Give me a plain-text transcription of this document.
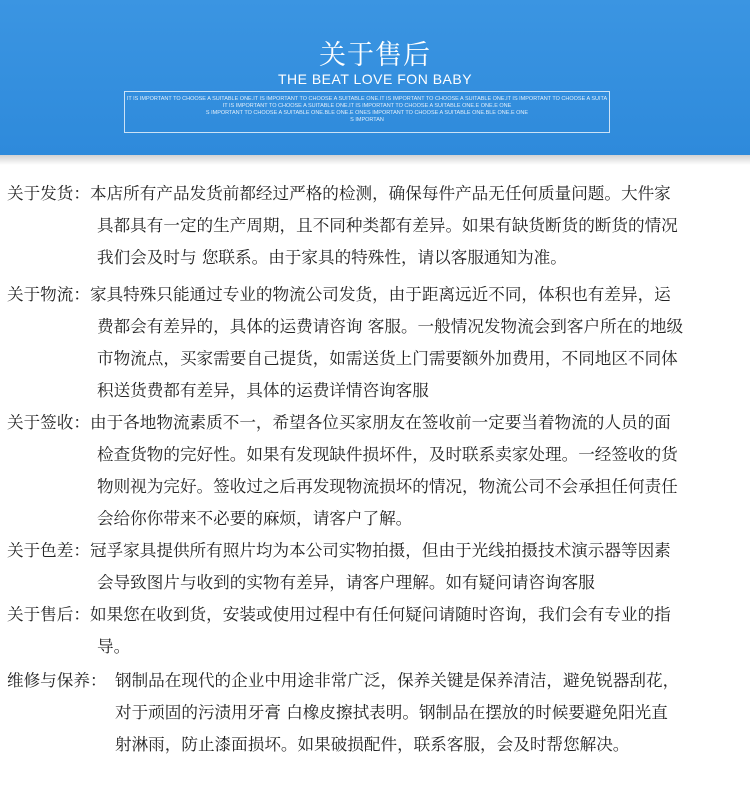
关于售后
THE BEAT LOVE FON BABY
IT IS IMPORTANT TO CHOOSE A SUITABLE ONE.IT IS IMPORTANT TO CHOOSE A SUITABLE ONE.IT IS IMPORTANT TO CHOOSE A SUITABLE ONE.IT IS IMPORTANT TO CHOOSE A SUITA
IT IS IMPORTANT TO CHOOSE A SUITABLE ONE.IT IS IMPORTANT TO CHOOSE A SUITABLE ONE.E ONE.E ONE
S IMPORTANT TO CHOOSE A SUITABLE ONE.BLE ONE.E ONES IMPORTANT TO CHOOSE A SUITABLE ONE.BLE ONE.E ONE
S IMPORTAN
关于发货： 本店所有产品发货前都经过严格的检测，确保每件产品无任何质量问题。大件家
具都具有一定的生产周期，且不同种类都有差异。如果有缺货断货的断货的情况
我们会及时与 您联系。由于家具的特殊性，请以客服通知为准。
关于物流： 家具特殊只能通过专业的物流公司发货，由于距离远近不同，体积也有差异，运
费都会有差异的，具体的运费请咨询 客服。一般情况发物流会到客户所在的地级
市物流点，买家需要自己提货，如需送货上门需要额外加费用，不同地区不同体
积送货费都有差异，具体的运费详情咨询客服
关于签收： 由于各地物流素质不一，希望各位买家朋友在签收前一定要当着物流的人员的面
检查货物的完好性。如果有发现缺件损坏件，及时联系卖家处理。一经签收的货
物则视为完好。签收过之后再发现物流损坏的情况，物流公司不会承担任何责任
会给你你带来不必要的麻烦，请客户了解。
关于色差： 冠孚家具提供所有照片均为本公司实物拍摄，但由于光线拍摄技术演示器等因素
会导致图片与收到的实物有差异，请客户理解。如有疑问请咨询客服
关于售后： 如果您在收到货，安装或使用过程中有任何疑问请随时咨询，我们会有专业的指
导。
维修与保养： 钢制品在现代的企业中用途非常广泛，保养关键是保养清洁，避免锐器刮花，
对于顽固的污渍用牙膏 白橡皮擦拭表明。钢制品在摆放的时候要避免阳光直
射淋雨，防止漆面损坏。如果破损配件，联系客服，会及时帮您解决。
